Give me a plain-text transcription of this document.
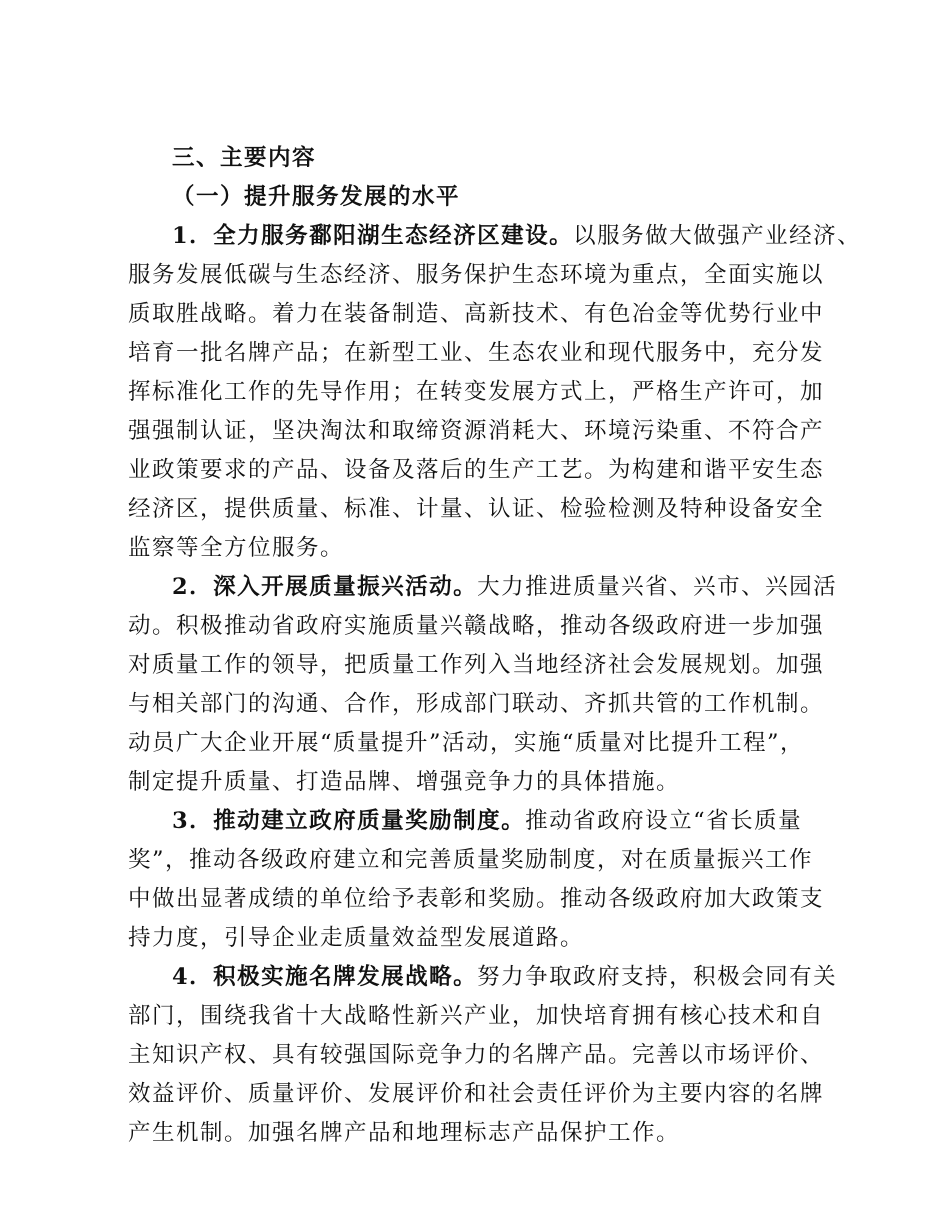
三、主要内容
（一）提升服务发展的水平
1．全力服务鄱阳湖生态经济区建设。以服务做大做强产业经济、
服务发展低碳与生态经济、服务保护生态环境为重点，全面实施以
质取胜战略。着力在装备制造、高新技术、有色冶金等优势行业中
培育一批名牌产品；在新型工业、生态农业和现代服务中，充分发
挥标准化工作的先导作用；在转变发展方式上，严格生产许可，加
强强制认证，坚决淘汰和取缔资源消耗大、环境污染重、不符合产
业政策要求的产品、设备及落后的生产工艺。为构建和谐平安生态
经济区，提供质量、标准、计量、认证、检验检测及特种设备安全
监察等全方位服务。
2．深入开展质量振兴活动。大力推进质量兴省、兴市、兴园活
动。积极推动省政府实施质量兴赣战略，推动各级政府进一步加强
对质量工作的领导，把质量工作列入当地经济社会发展规划。加强
与相关部门的沟通、合作，形成部门联动、齐抓共管的工作机制。
动员广大企业开展“质量提升”活动，实施“质量对比提升工程”，
制定提升质量、打造品牌、增强竞争力的具体措施。
3．推动建立政府质量奖励制度。推动省政府设立“省长质量
奖”，推动各级政府建立和完善质量奖励制度，对在质量振兴工作
中做出显著成绩的单位给予表彰和奖励。推动各级政府加大政策支
持力度，引导企业走质量效益型发展道路。
4．积极实施名牌发展战略。努力争取政府支持，积极会同有关
部门，围绕我省十大战略性新兴产业，加快培育拥有核心技术和自
主知识产权、具有较强国际竞争力的名牌产品。完善以市场评价、
效益评价、质量评价、发展评价和社会责任评价为主要内容的名牌
产生机制。加强名牌产品和地理标志产品保护工作。
